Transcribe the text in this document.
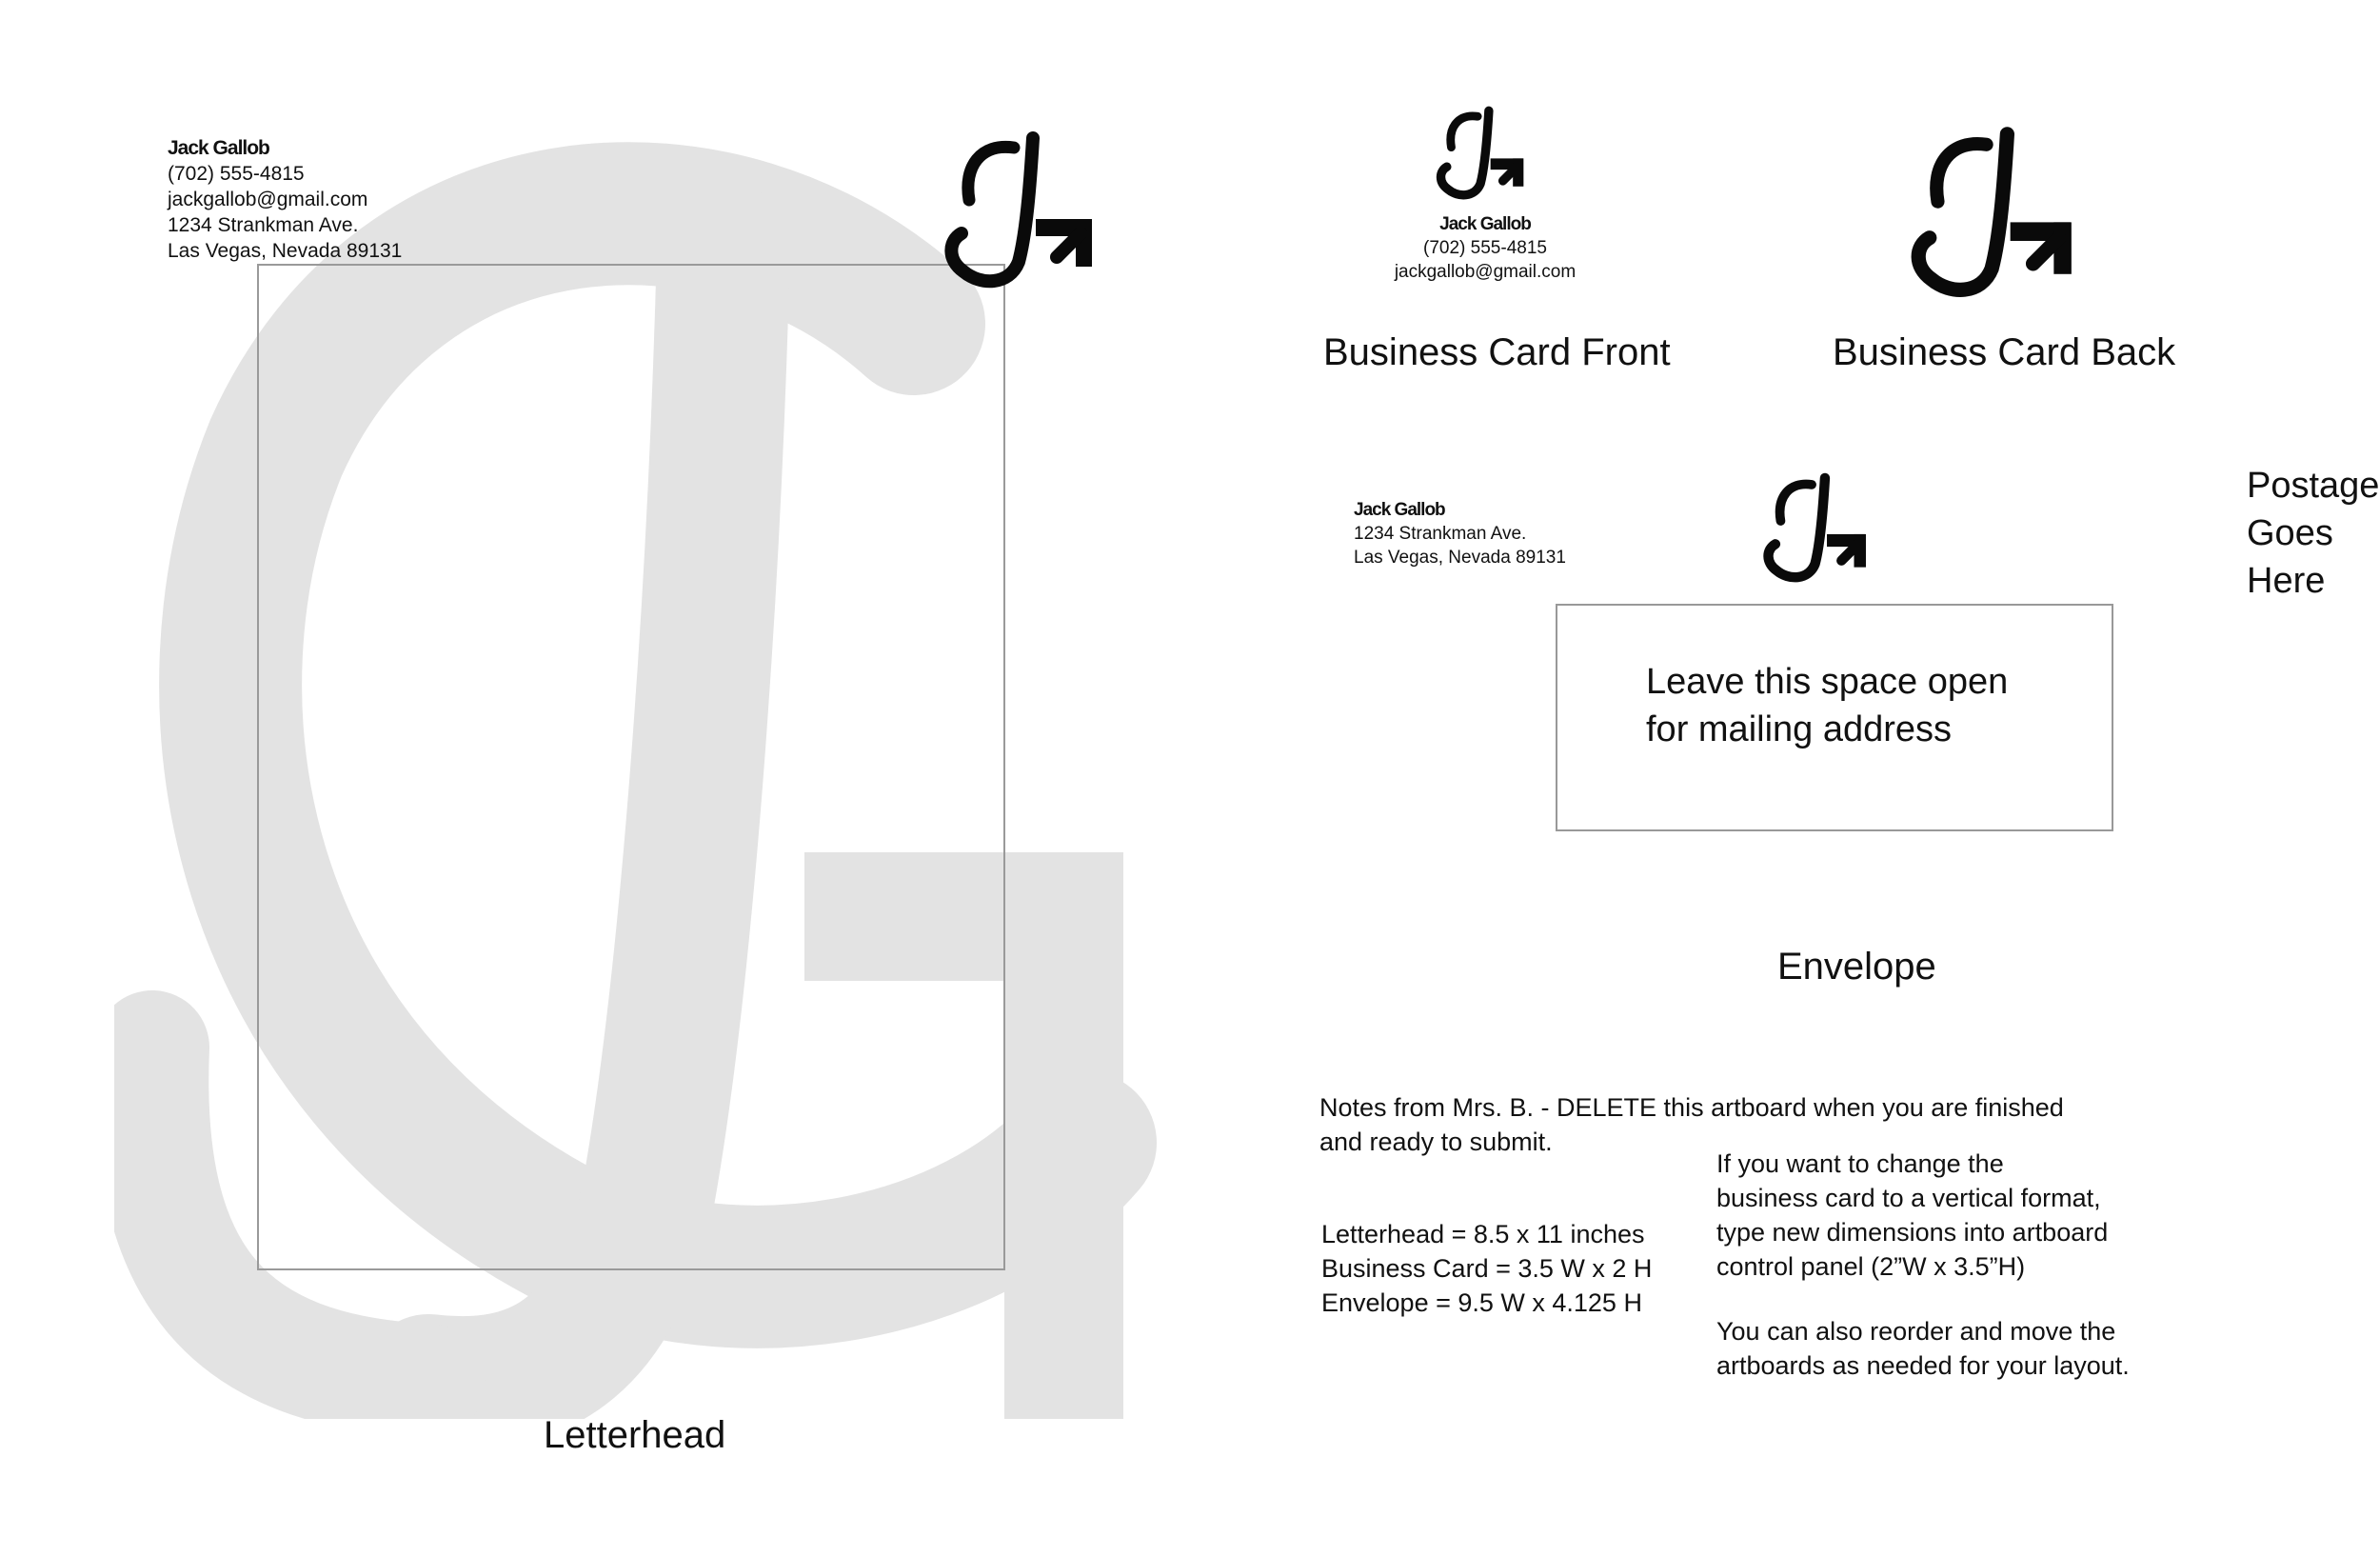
Jack Gallob
(702) 555-4815
jackgallob@gmail.com
1234 Strankman Ave.
Las Vegas, Nevada 89131
Letterhead
Jack Gallob
(702) 555-4815
jackgallob@gmail.com
Business Card Front	Business Card Back
Jack Gallob
1234 Strankman Ave.
Las Vegas, Nevada 89131
Leave this space open
for mailing address
Postage
Goes
Here
Envelope
Notes from Mrs. B. - DELETE this artboard when you are finished
and ready to submit.
Letterhead = 8.5 x 11 inches
Business Card = 3.5 W x 2 H
Envelope = 9.5 W x 4.125 H
If you want to change the
business card to a vertical format,
type new dimensions into artboard
control panel (2”W x 3.5”H)
You can also reorder and move the
artboards as needed for your layout.
